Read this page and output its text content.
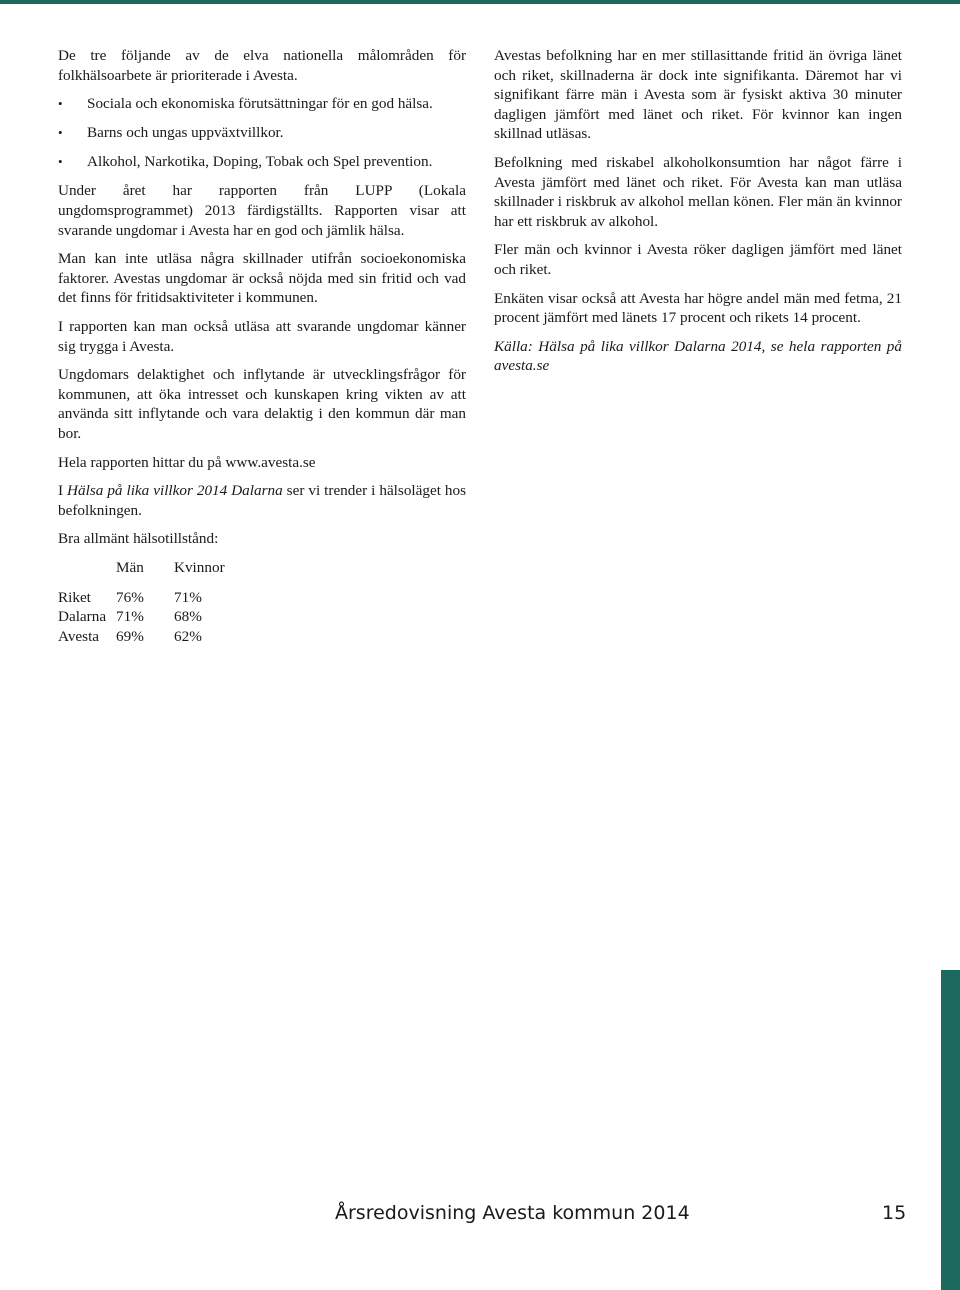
De tre följande av de elva nationella målområden för folkhälsoarbete är prioriterade i Avesta.

• Sociala och ekonomiska förutsättningar för en god hälsa.
• Barns och ungas uppväxtvillkor.
• Alkohol, Narkotika, Doping, Tobak och Spel prevention.

Under året har rapporten från LUPP (Lokala ungdomsprogrammet) 2013 färdigställts. Rapporten visar att svarande ungdomar i Avesta har en god och jämlik hälsa.

Man kan inte utläsa några skillnader utifrån socioekonomiska faktorer. Avestas ungdomar är också nöjda med sin fritid och vad det finns för fritidsaktiviteter i kommunen.

I rapporten kan man också utläsa att svarande ungdomar känner sig trygga i Avesta.

Ungdomars delaktighet och inflytande är utvecklingsfrågor för kommunen, att öka intresset och kunskapen kring vikten av att använda sitt inflytande och vara delaktig i den kommun där man bor.

Hela rapporten hittar du på www.avesta.se

I Hälsa på lika villkor 2014 Dalarna ser vi trender i hälsoläget hos befolkningen.

Bra allmänt hälsotillstånd:

	Män	Kvinnor

Riket	76%	71%
Dalarna	71%	68%
Avesta	69%	62%

Avestas befolkning har en mer stillasittande fritid än övriga länet och riket, skillnaderna är dock inte signifikanta. Däremot har vi signifikant färre män i Avesta som är fysiskt aktiva 30 minuter dagligen jämfört med länet och riket. För kvinnor kan ingen skillnad utläsas.

Befolkning med riskabel alkoholkonsumtion har något färre i Avesta jämfört med länet och riket. För Avesta kan man utläsa skillnader i riskbruk av alkohol mellan könen. Fler män än kvinnor har ett riskbruk av alkohol.

Fler män och kvinnor i Avesta röker dagligen jämfört med länet och riket.

Enkäten visar också att Avesta har högre andel män med fetma, 21 procent jämfört med länets 17 procent och rikets 14 procent.

Källa: Hälsa på lika villkor Dalarna 2014, se hela rapporten på avesta.se

Årsredovisning Avesta kommun 2014	15
